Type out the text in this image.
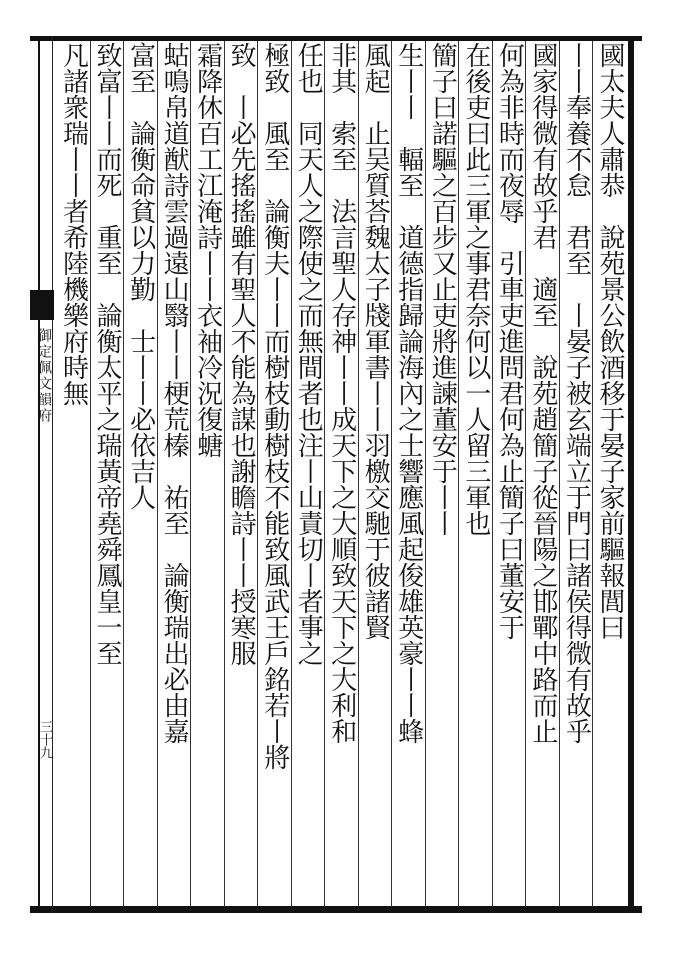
御定佩文韻府
三十九
國太夫人肅恭　說苑景公飲酒移于晏子家前驅報閭曰
丨丨奉養不怠　君至　丨晏子被玄端立于門曰諸侯得微有故乎
國家得微有故乎君　適至　說苑趙簡子從晉陽之邯鄲中路而止
何為非時而夜辱　引車吏進問君何為止簡子曰董安于
在後吏曰此三軍之事君奈何以一人留三軍也
簡子曰諾驅之百步又止吏將進諫董安于丨丨
生丨丨　輻至　道德指歸論海內之士響應風起俊雄英豪丨丨蜂
風起　止吴質荅魏太子牋軍書丨丨羽檄交馳于彼諸賢
非其　索至　法言聖人存神丨丨成天下之大順致天下之大利和
任也　同天人之際使之而無間者也注丨山責切丨者事之
極致　風至　論衡夫丨丨而樹枝動樹枝不能致風武王戶銘若丨將
致　丨必先搖搖雖有聖人不能為謀也謝瞻詩丨丨授寒服
霜降休百工江淹詩丨丨衣袖冷況復螗
蛄鳴帛道猷詩雲過遠山翳丨丨梗荒榛　祐至　論衡瑞出必由嘉
富至　論衡命貧以力勤　士丨丨必依吉人
致富丨丨而死　重至　論衡太平之瑞黃帝堯舜鳳皇一至
凡諸衆瑞丨丨者希陸機樂府時無
